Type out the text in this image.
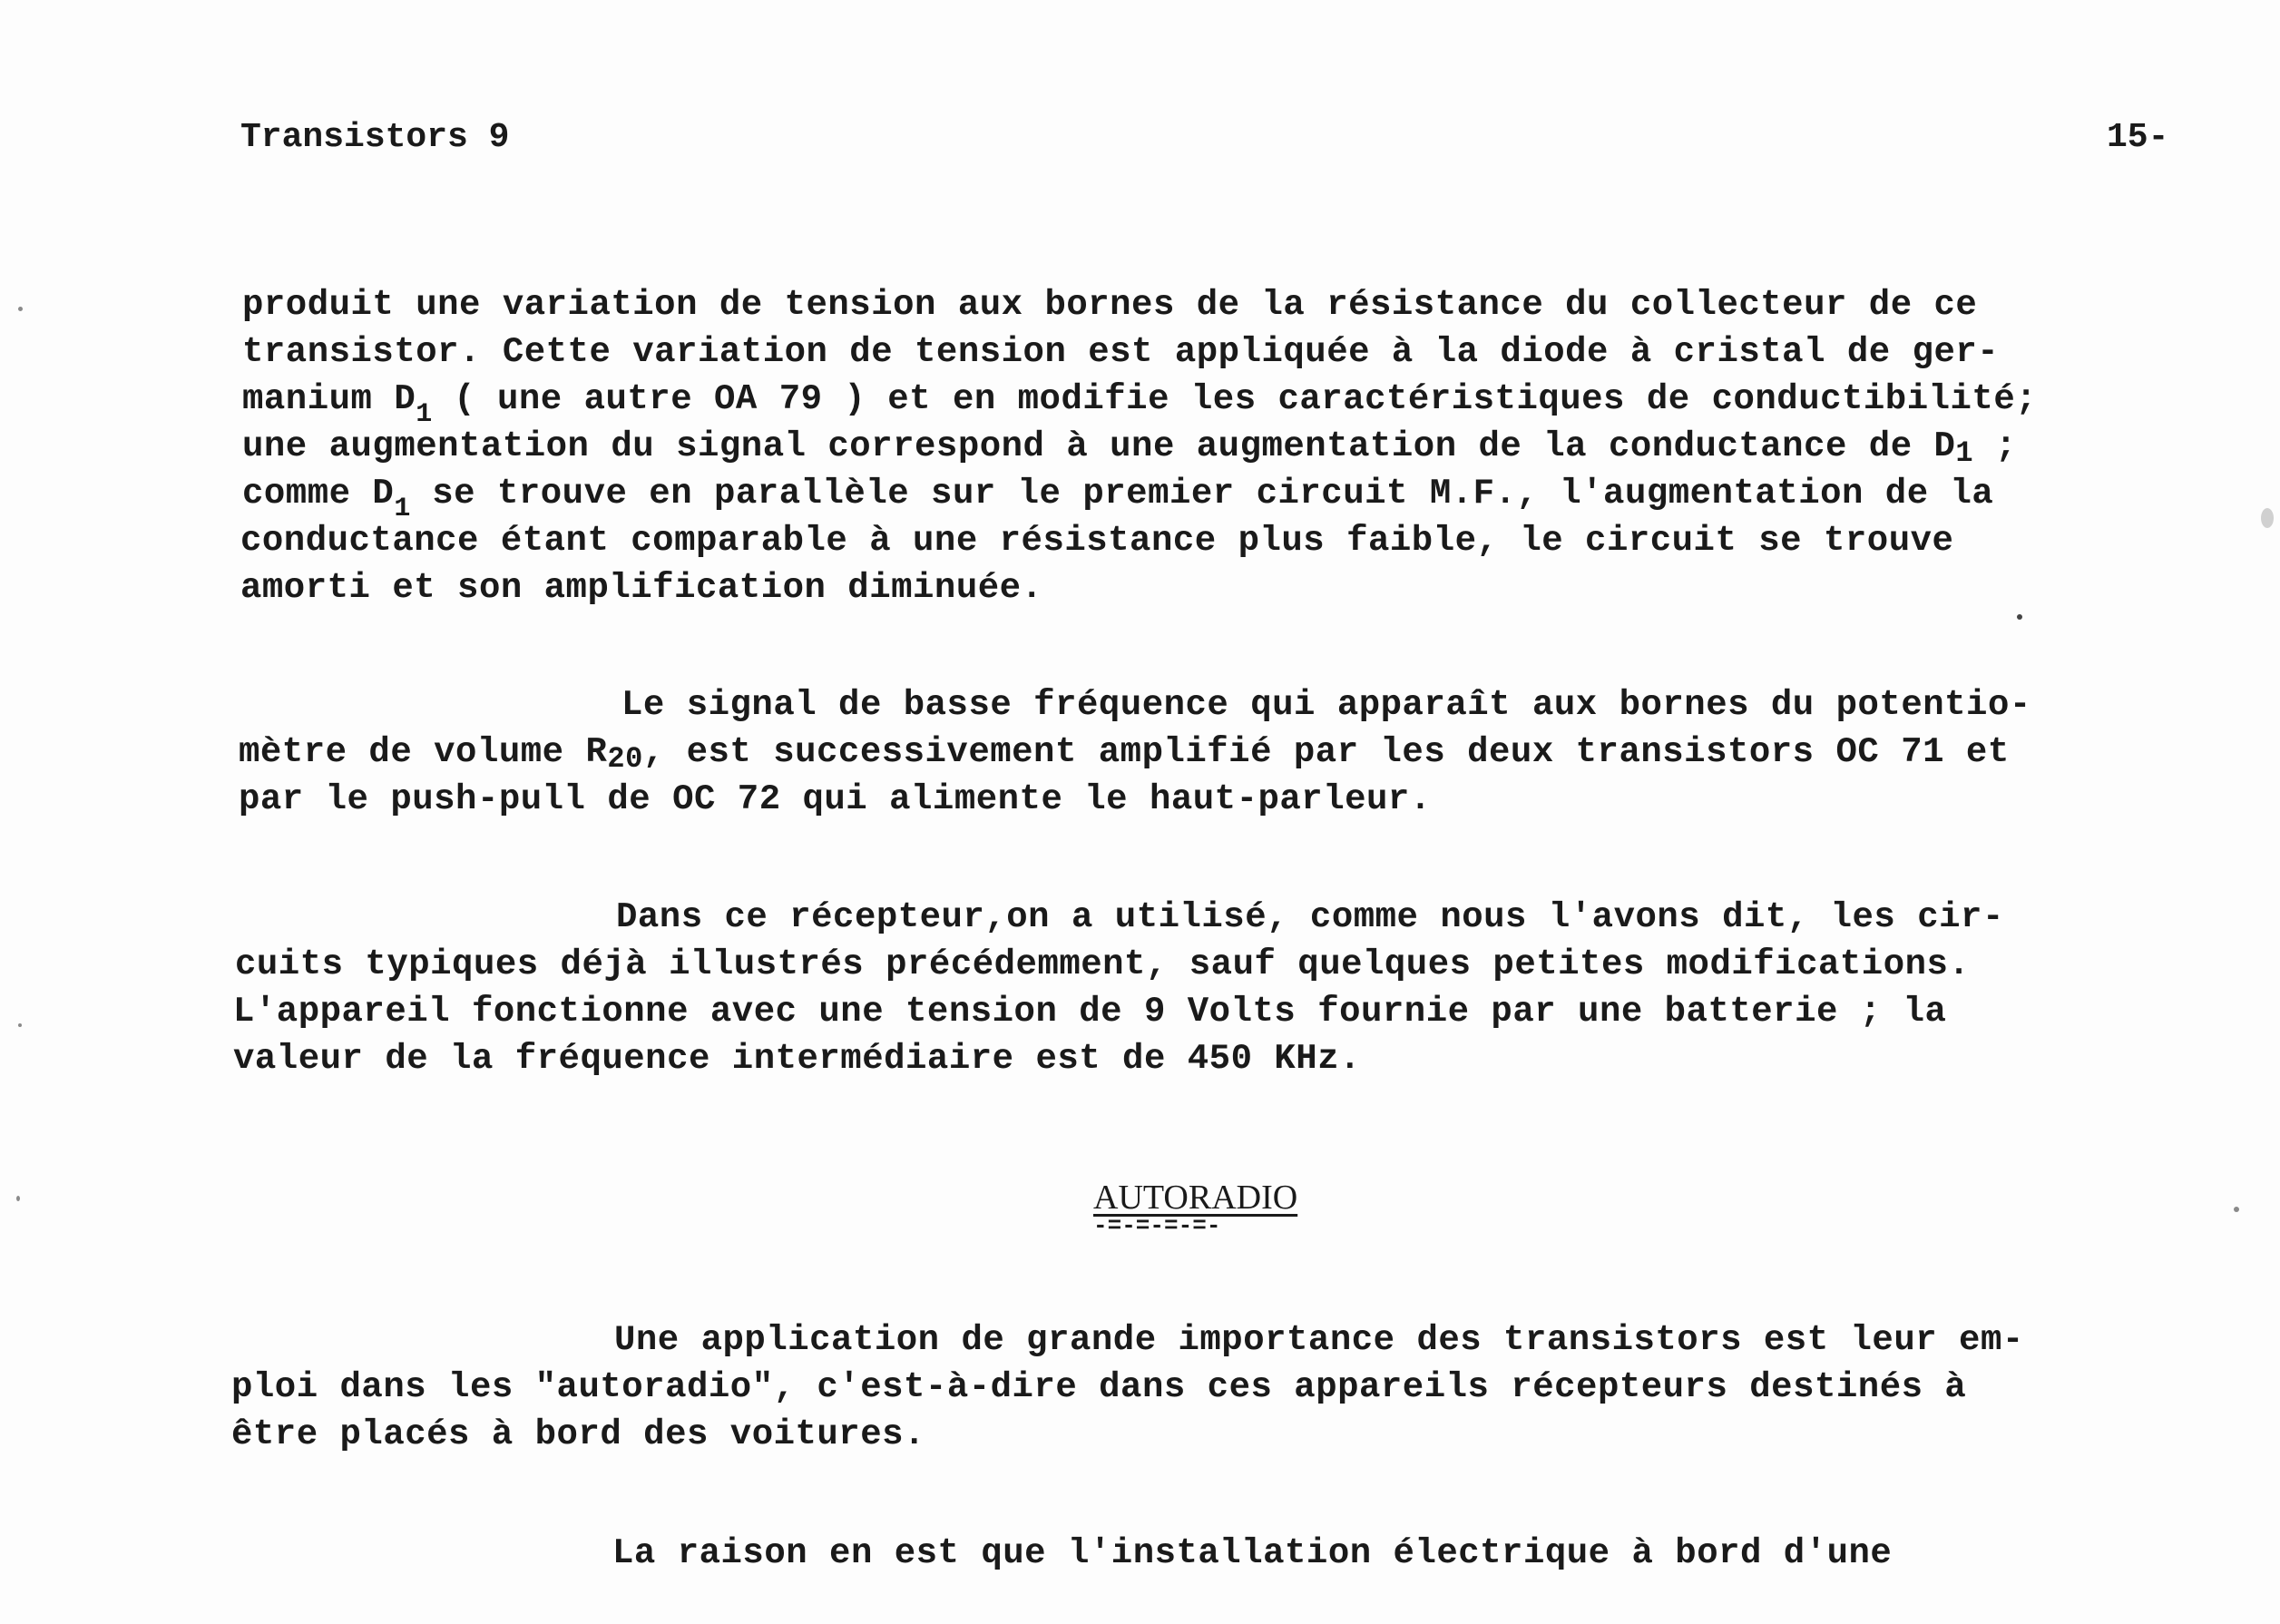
Transistors 9	15-
produit une variation de tension aux bornes de la résistance du collecteur de ce
transistor. Cette variation de tension est appliquée à la diode à cristal de ger-
manium $D_1$ ( une autre OA 79 ) et en modifie les caractéristiques de conductibilité;
une augmentation du signal correspond à une augmentation de la conductance de D1 ;
comme $D_1$ se trouve en parallèle sur le premier circuit M.F., l'augmentation de la
conductance étant comparable à une résistance plus faible, le circuit se trouve
amorti et son amplification diminuée.
Le signal de basse fréquence qui apparaît aux bornes du potentio-
mètre de volume R20, est successivement amplifié par les deux transistors OC 71 et
par le push-pull de OC 72 qui alimente le haut-parleur.
Dans ce récepteur,on a utilisé, comme nous l'avons dit, les cir-
cuits typiques déjà illustrés précédemment, sauf quelques petites modifications.
L'appareil fonctionne avec une tension de 9 Volts fournie par une batterie ; la
valeur de la fréquence intermédiaire est de 450 KHz.
AUTORADIO
-=-=-=-=-
Une application de grande importance des transistors est leur em-
ploi dans les "autoradio", c'est-à-dire dans ces appareils récepteurs destinés à
être placés à bord des voitures.
La raison en est que l'installation électrique à bord d'une
